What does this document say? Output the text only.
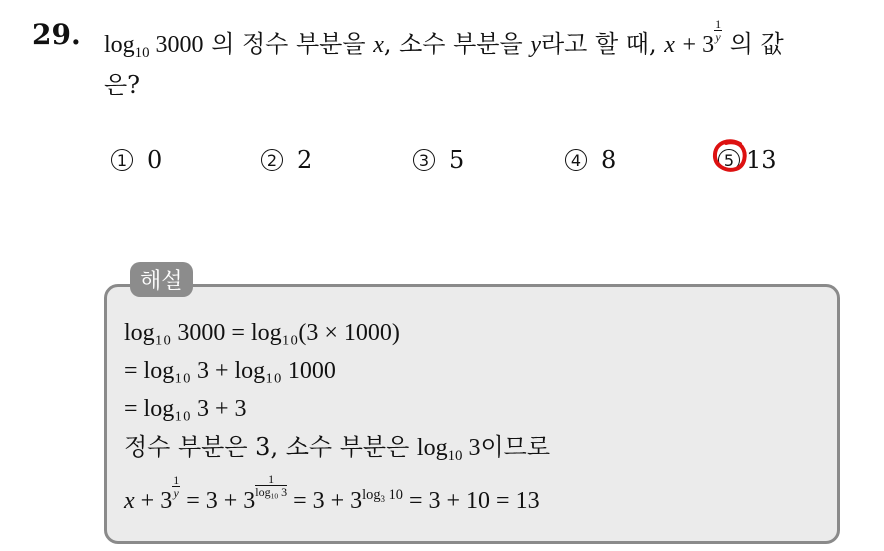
29. $\log_{10} 3000$ 의 정수 부분을 x, 소수 부분을 y라고 할 때, x + 3
$\frac{1}{y}$ 의 값
은?
1 0	2 2	3 5	4 8	5 13
해설
log₁₀ 3000 = log₁₀(3 × 1000)
= log₁₀ 3 + log₁₀ 1000
= log₁₀ 3 + 3
정수 부분은 3, 소수 부분은 $\log_{10} 3$이므로
x + 3
$\frac{1}{y}$
= 3 + 3
$\frac{1}{\log_{10} 3}$
= $3 + 3^{log_3 10} = 3 + 10 = 13$
